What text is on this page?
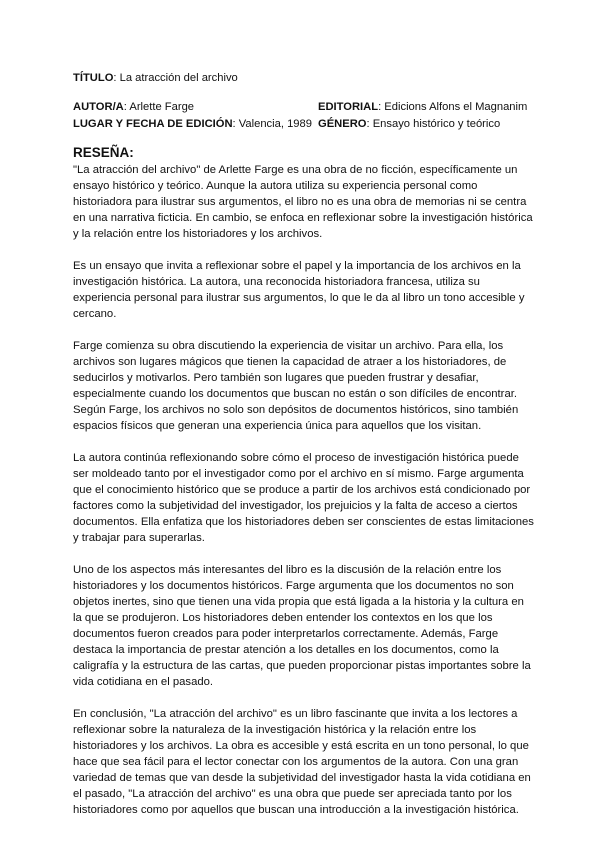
TÍTULO: La atracción del archivo
AUTOR/A: Arlette Farge	EDITORIAL: Edicions Alfons el Magnanim
LUGAR Y FECHA DE EDICIÓN: Valencia, 1989 GÉNERO: Ensayo histórico y teórico
RESEÑA:

"La atracción del archivo" de Arlette Farge es una obra de no ficción, específicamente un ensayo histórico y teórico. Aunque la autora utiliza su experiencia personal como historiadora para ilustrar sus argumentos, el libro no es una obra de memorias ni se centra en una narrativa ficticia. En cambio, se enfoca en reflexionar sobre la investigación histórica y la relación entre los historiadores y los archivos.

Es un ensayo que invita a reflexionar sobre el papel y la importancia de los archivos en la investigación histórica. La autora, una reconocida historiadora francesa, utiliza su experiencia personal para ilustrar sus argumentos, lo que le da al libro un tono accesible y cercano.

Farge comienza su obra discutiendo la experiencia de visitar un archivo. Para ella, los archivos son lugares mágicos que tienen la capacidad de atraer a los historiadores, de seducirlos y motivarlos. Pero también son lugares que pueden frustrar y desafiar, especialmente cuando los documentos que buscan no están o son difíciles de encontrar. Según Farge, los archivos no solo son depósitos de documentos históricos, sino también espacios físicos que generan una experiencia única para aquellos que los visitan.

La autora continúa reflexionando sobre cómo el proceso de investigación histórica puede ser moldeado tanto por el investigador como por el archivo en sí mismo. Farge argumenta que el conocimiento histórico que se produce a partir de los archivos está condicionado por factores como la subjetividad del investigador, los prejuicios y la falta de acceso a ciertos documentos. Ella enfatiza que los historiadores deben ser conscientes de estas limitaciones y trabajar para superarlas.

Uno de los aspectos más interesantes del libro es la discusión de la relación entre los historiadores y los documentos históricos. Farge argumenta que los documentos no son objetos inertes, sino que tienen una vida propia que está ligada a la historia y la cultura en la que se produjeron. Los historiadores deben entender los contextos en los que los documentos fueron creados para poder interpretarlos correctamente. Además, Farge destaca la importancia de prestar atención a los detalles en los documentos, como la caligrafía y la estructura de las cartas, que pueden proporcionar pistas importantes sobre la vida cotidiana en el pasado.

En conclusión, "La atracción del archivo" es un libro fascinante que invita a los lectores a reflexionar sobre la naturaleza de la investigación histórica y la relación entre los historiadores y los archivos. La obra es accesible y está escrita en un tono personal, lo que hace que sea fácil para el lector conectar con los argumentos de la autora. Con una gran variedad de temas que van desde la subjetividad del investigador hasta la vida cotidiana en el pasado, "La atracción del archivo" es una obra que puede ser apreciada tanto por los historiadores como por aquellos que buscan una introducción a la investigación histórica.
